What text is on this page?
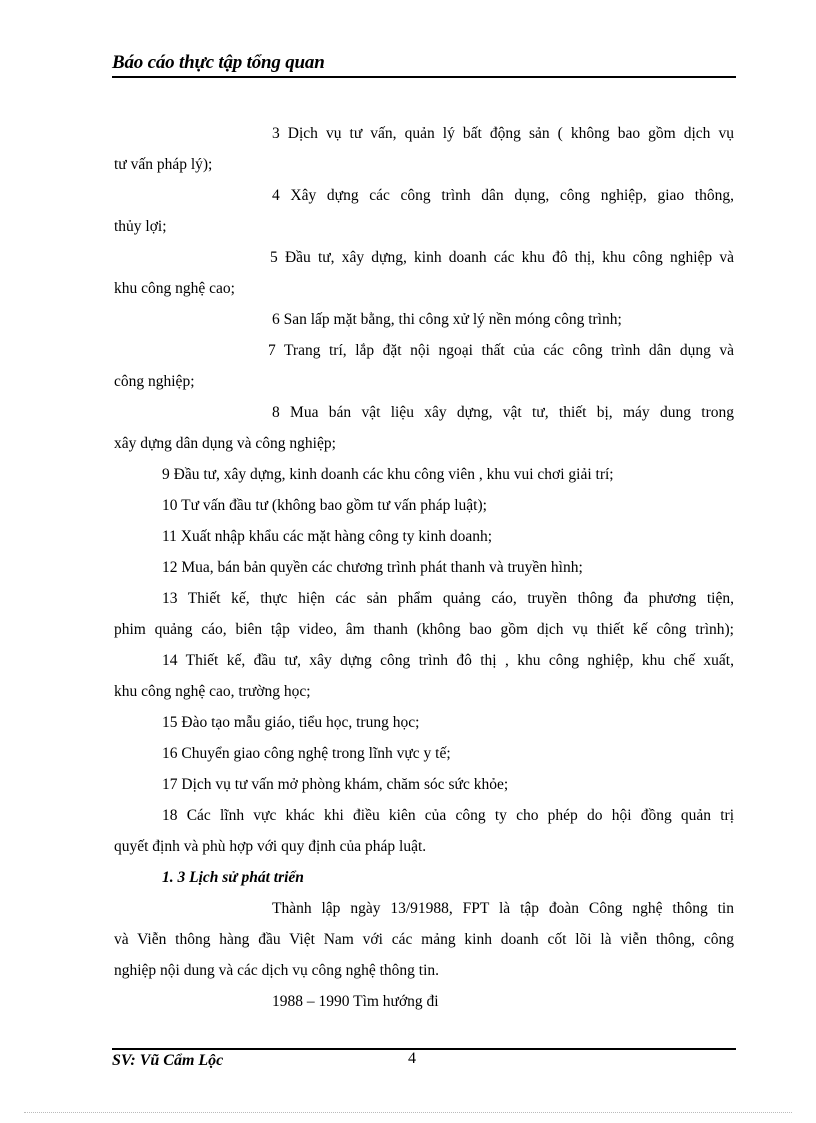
Báo cáo thực tập tổng quan
3 Dịch vụ tư vấn, quản lý bất động sản ( không bao gồm dịch vụ
tư vấn pháp lý);
4 Xây dựng các công trình dân dụng, công nghiệp, giao thông,
thủy lợi;
5 Đầu tư, xây dựng, kinh doanh các khu đô thị, khu công nghiệp và
khu công nghệ cao;
6 San lấp mặt bằng, thi công xử lý nền móng công trình;
7 Trang trí, lắp đặt nội ngoại thất của các công trình dân dụng và
công nghiệp;
8 Mua bán vật liệu xây dựng, vật tư, thiết bị, máy dung trong
xây dựng dân dụng và công nghiệp;
9 Đầu tư, xây dựng, kinh doanh các khu công viên , khu vui chơi giải trí;
10 Tư vấn đầu tư (không bao gồm tư vấn pháp luật);
11 Xuất nhập khẩu các mặt hàng công ty kinh doanh;
12 Mua, bán bản quyền các chương trình phát thanh và truyền hình;
13 Thiết kế, thực hiện các sản phẩm quảng cáo, truyền thông đa phương tiện,
phim quảng cáo, biên tập video, âm thanh (không bao gồm dịch vụ thiết kế công trình);
14 Thiết kế, đầu tư, xây dựng công trình đô thị , khu công nghiệp, khu chế xuất,
khu công nghệ cao, trường học;
15 Đào tạo mẫu giáo, tiểu học, trung học;
16 Chuyển giao công nghệ trong lĩnh vực y tế;
17 Dịch vụ tư vấn mở phòng khám, chăm sóc sức khỏe;
18 Các lĩnh vực khác khi điều kiên của công ty cho phép do hội đồng quản trị
quyết định và phù hợp với quy định của pháp luật.
1. 3 Lịch sử phát triển
Thành lập ngày 13/91988, FPT là tập đoàn Công nghệ thông tin
và Viễn thông hàng đầu Việt Nam với các mảng kinh doanh cốt lõi là viễn thông, công
nghiệp nội dung và các dịch vụ công nghệ thông tin.
1988 – 1990 Tìm hướng đi
SV: Vũ Cẩm Lộc	4
